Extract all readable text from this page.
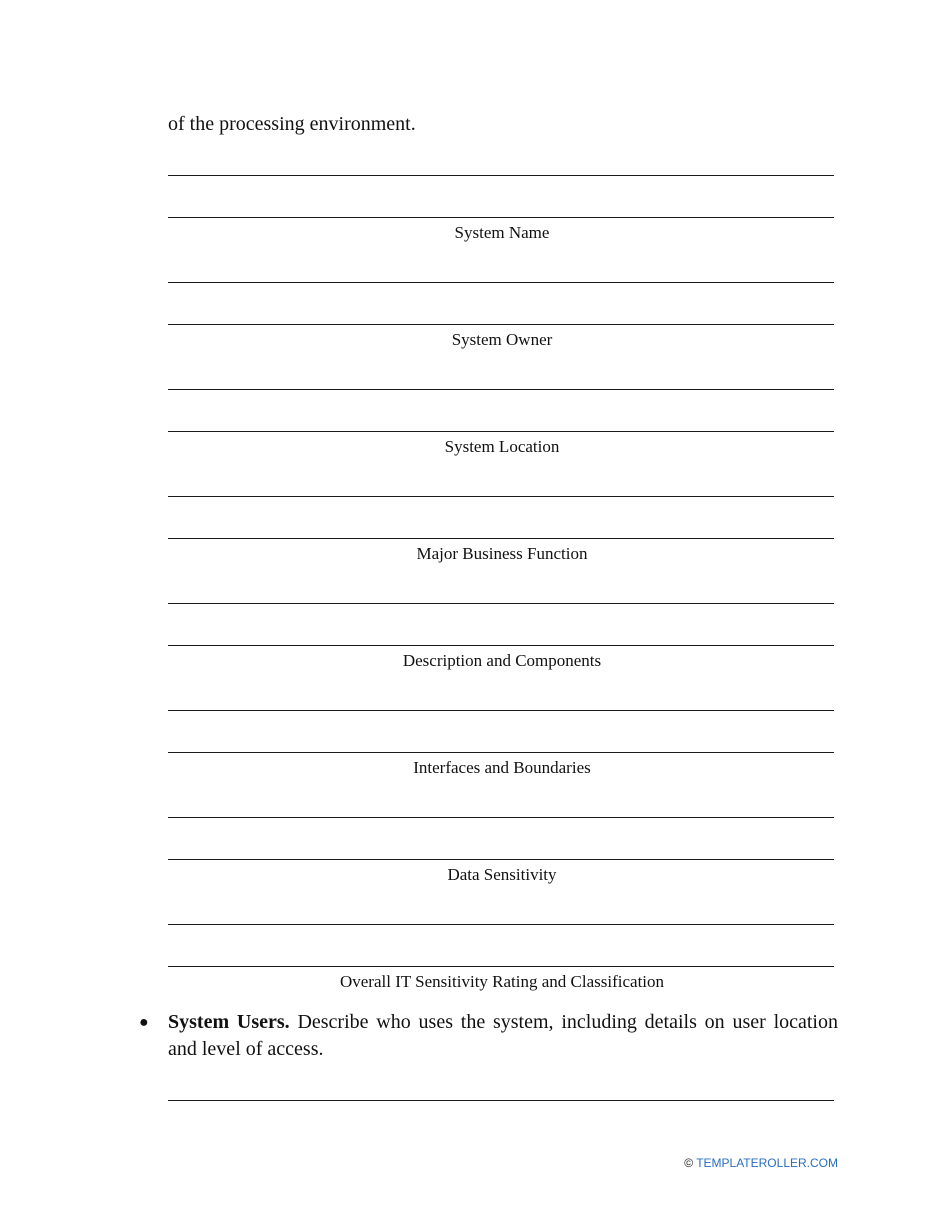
of the processing environment.

System Name
System Owner
System Location
Major Business Function
Description and Components
Interfaces and Boundaries
Data Sensitivity
Overall IT Sensitivity Rating and Classification
● System Users. Describe who uses the system, including details on user location and level of access.

© TEMPLATEROLLER.COM
